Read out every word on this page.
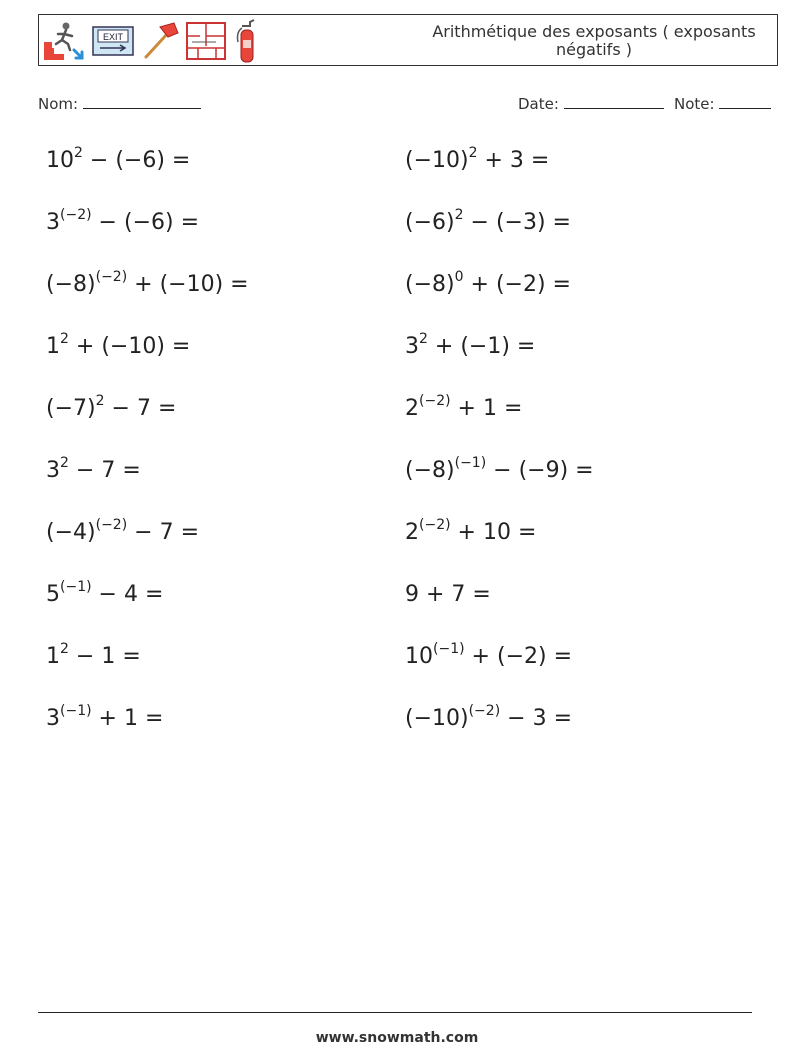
EXIT	Arithmétique des exposants ( exposants négatifs )
Nom:	Date:	Note:
$10^2 - (-6)$ =
$3^{(-2)} - (-6)$ =
$(-8)^{(-2)} + (-10)$ =
$1^2 + (-10)$ =
$(-7)^2 - 7$ =
$3^2 - 7$ =
$(-4)^{(-2)} - 7$ =
$5^{(-1)} - 4$ =
$1^2 - 1$ =
$3^{(-1)} + 1$ =
$(-10)^2 + 3$ =
$(-6)^2 - (-3)$ =
$(-8)^0 + (-2)$ =
$3^2 + (-1)$ =
$2^{(-2)} + 1$ =
$(-8)^{(-1)} - (-9)$ =
$2^{(-2)} + 10$ =
9 + 7 =
$10^{(-1)} + (-2)$ =
$(-10)^{(-2)} - 3$ =
www.snowmath.com
